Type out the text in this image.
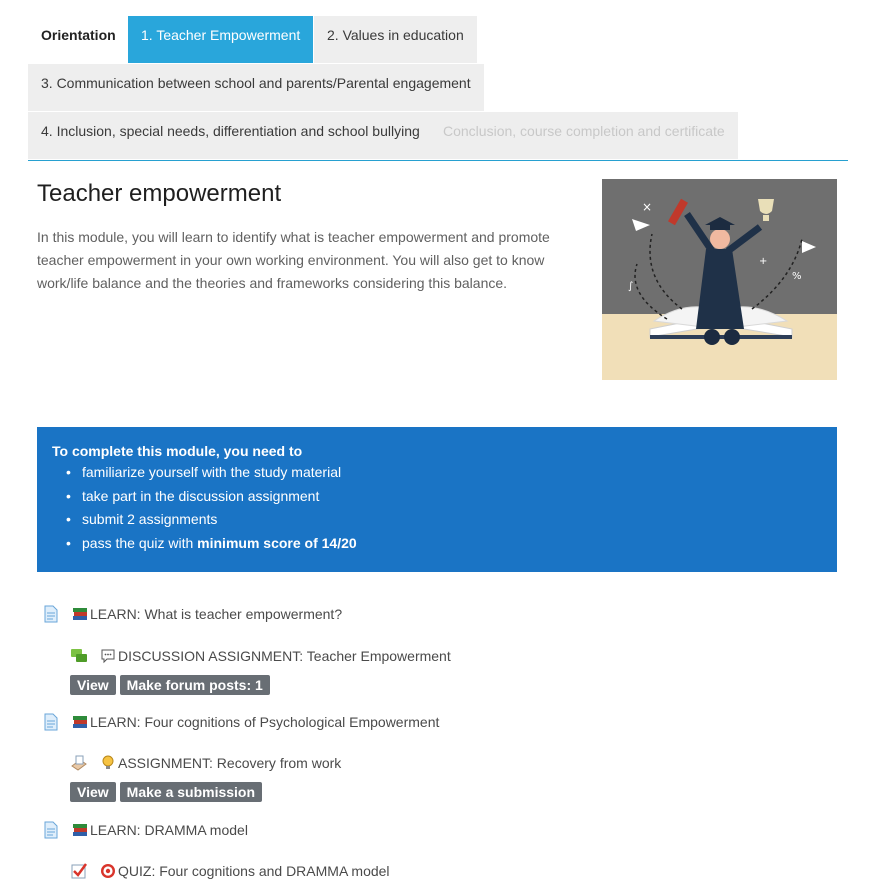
Orientation	1. Teacher Empowerment	2. Values in education
3. Communication between school and parents/Parental engagement
4. Inclusion, special needs, differentiation and school bullying	Conclusion, course completion and certificate
Teacher empowerment

In this module, you will learn to identify what is teacher empowerment and promote teacher empowerment in your own working environment. You will also get to know work/life balance and the theories and frameworks considering this balance.

×
%
∫
+
To complete this module, you need to
• familiarize yourself with the study material
• take part in the discussion assignment
• submit 2 assignments
• pass the quiz with minimum score of 14/20
LEARN: What is teacher empowerment?
DISCUSSION ASSIGNMENT: Teacher Empowerment
View	Make forum posts: 1
LEARN: Four cognitions of Psychological Empowerment
ASSIGNMENT: Recovery from work
View	Make a submission
LEARN: DRAMMA model
QUIZ: Four cognitions and DRAMMA model
